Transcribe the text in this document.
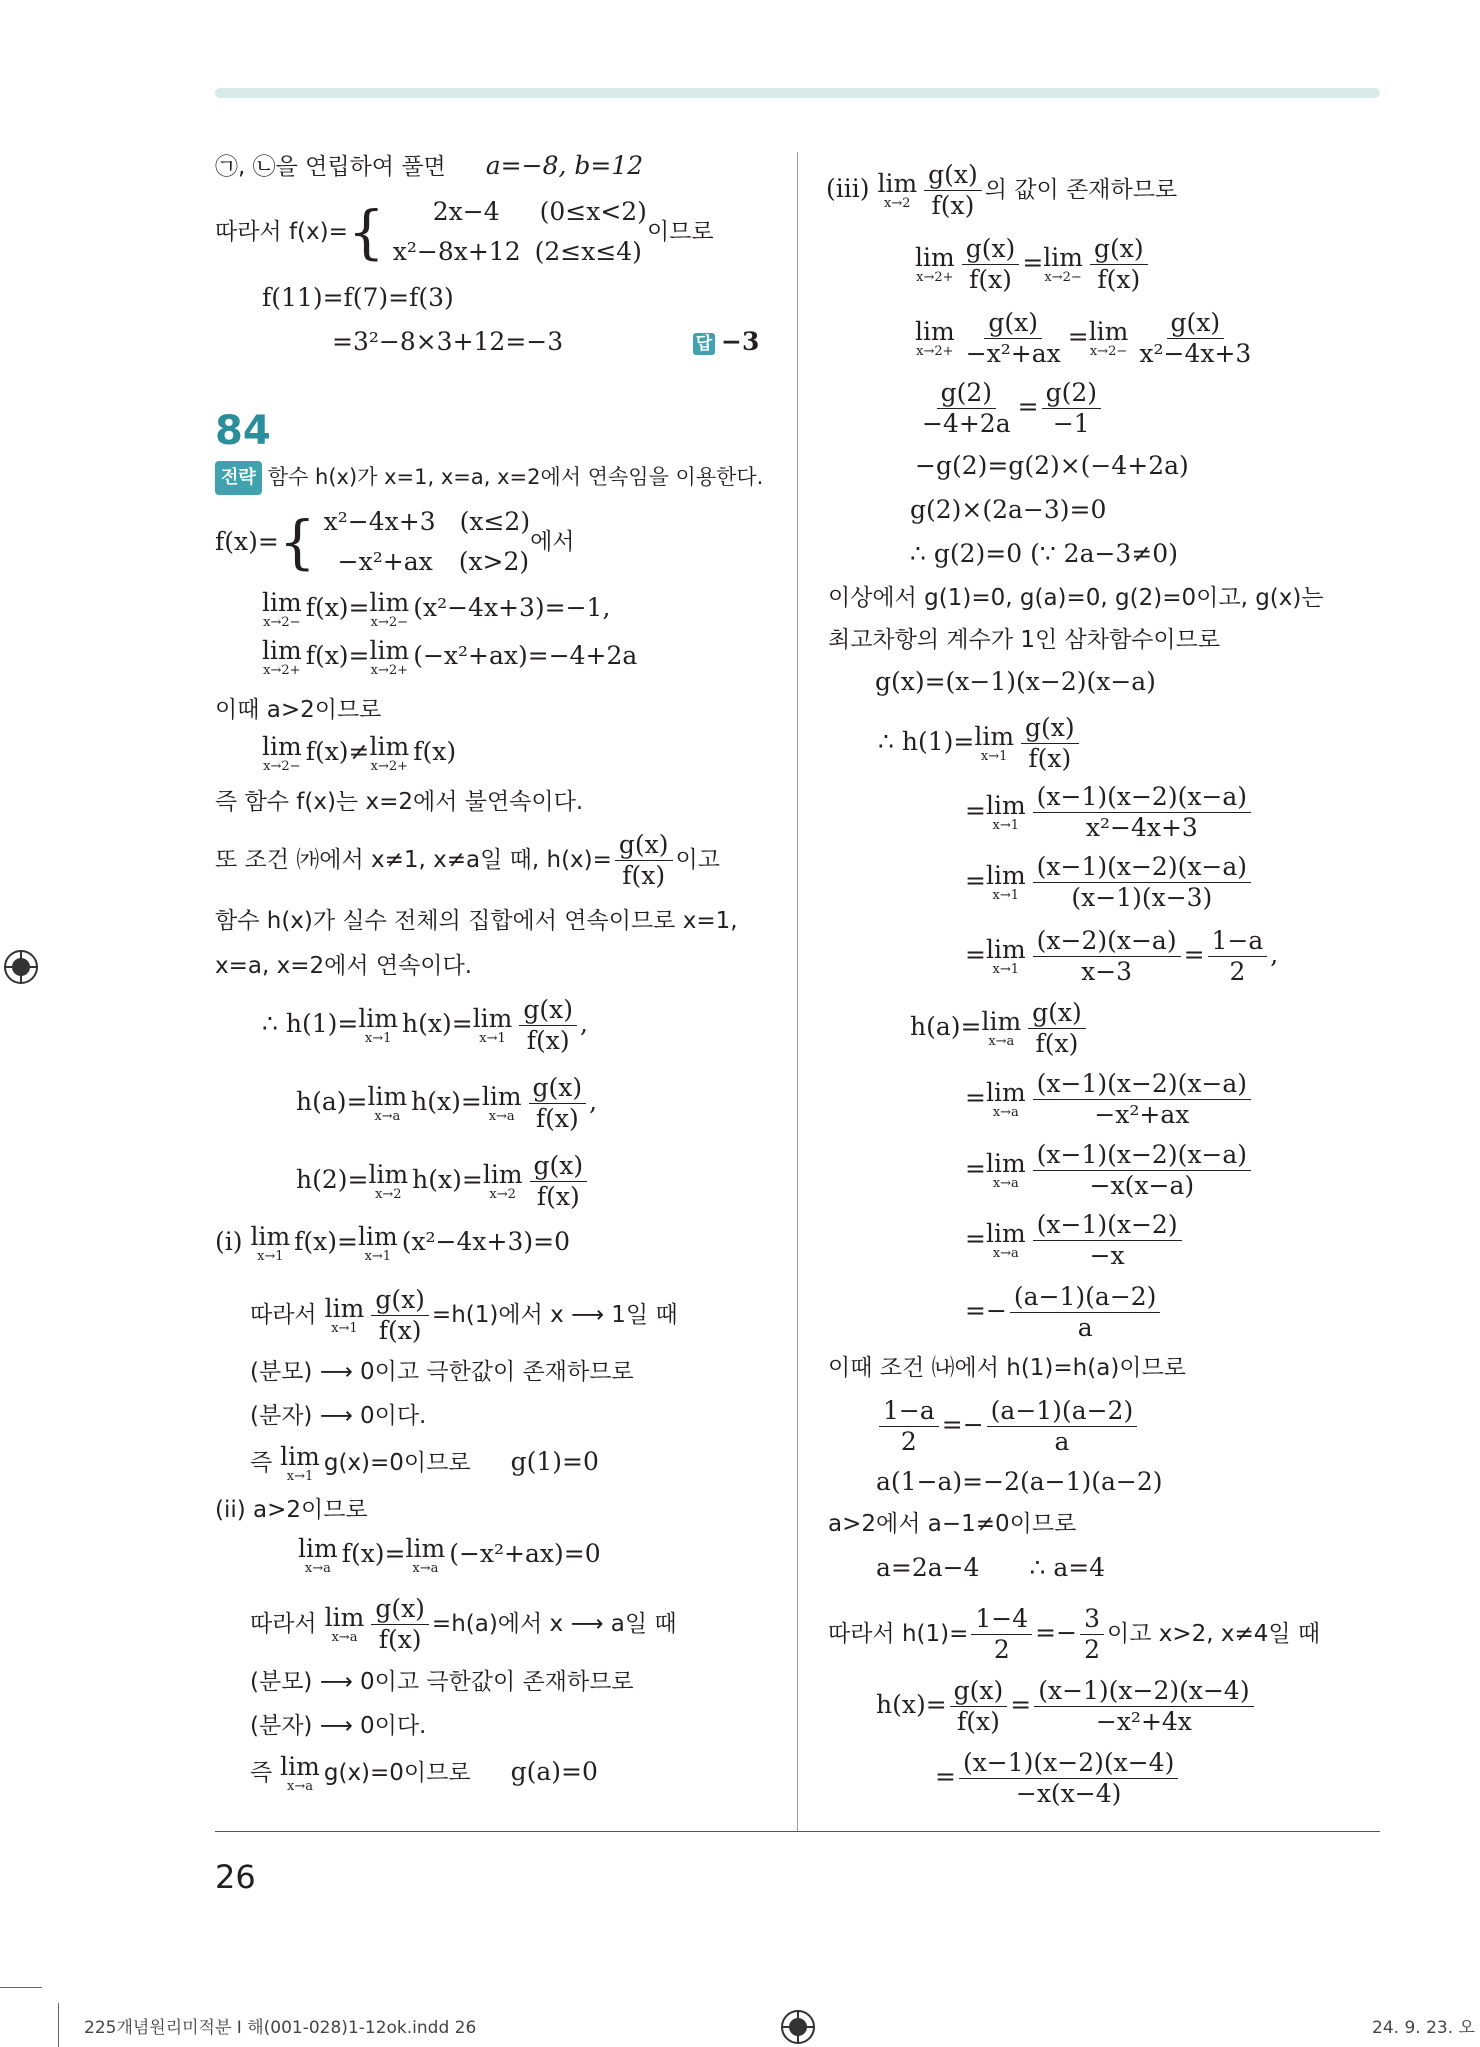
㉠, ㉡을 연립하여 풀면 a=−8, b=12
따라서 f(x)={	2x−4 (0≤x<2)
x²−8x+12 (2≤x≤4)
이므로
f(11)=f(7)=f(3)
=3²−8×3+12=−3	답 −3
84
전략 함수 h(x)가 x=1, x=a, x=2에서 연속임을 이용한다.
f(x)={ x²−4x+3 (x≤2)
−x²+ax (x>2)
에서
lim
x→2−
f(x)= lim
x→2−
(x²−4x+3)=−1,
lim
x→2+
f(x)= lim
x→2+
(−x²+ax)=−4+2a
이때 a>2이므로
lim
x→2−
f(x)≠ lim
x→2+
f(x)
즉 함수 f(x)는 x=2에서 불연속이다.
또 조건 ㈎에서 x≠1, x≠a일 때, $h(x)= \frac{g(x)}{f(x)}$ 이고
함수 h(x)가 실수 전체의 집합에서 연속이므로 x=1,
x=a, x=2에서 연속이다.
∴ h(1)= lim
x→1
h(x)= lim
$x\to 1 \frac{g(x)}{f(x)}$ ,
h(a)= lim
x→a
h(x)= lim
$x\to a \frac{g(x)}{f(x)}$ ,
h(2)= lim
x→2
h(x)= lim
$x\to 2 \frac{g(x)}{f(x)}$
(i) lim
x→1
f(x)= lim
x→1
(x²−4x+3)=0
따라서 lim
$x\to 1 \frac{g(x)}{f(x)} =h(1)$에서 x ⟶ 1일 때
(분모) ⟶ 0이고 극한값이 존재하므로
(분자) ⟶ 0이다.
즉 lim
x→1
g(x)=0이므로 g(1)=0
(ii) a>2이므로
lim
x→a
f(x)= lim
x→a
(−x²+ax)=0
따라서 lim
$x\to a \frac{g(x)}{f(x)} =h(a)$에서 x ⟶ a일 때
(분모) ⟶ 0이고 극한값이 존재하므로
(분자) ⟶ 0이다.
즉 lim
x→a
g(x)=0이므로 g(a)=0
(iii) lim
$x\to 2 \frac{g(x)}{f(x)}$ 의 값이 존재하므로
lim
$x\to 2+ \frac{g(x)}{f(x)} = \lim$
$x\to 2- \frac{g(x)}{f(x)}$
lim
$x\to 2+ \frac{g(x)}{\text{−x²+ax}} = \lim$
$x\to 2- \frac{g(x)}{\text{x²−4x+3}}$
$\frac{g(2)}{-4+2a} = \frac{g(2)}{-1}$
−g(2)=g(2)×(−4+2a)
g(2)×(2a−3)=0
∴ g(2)=0 (∵ 2a−3≠0)
이상에서 g(1)=0, g(a)=0, g(2)=0이고, g(x)는
최고차항의 계수가 1인 삼차함수이므로
g(x)=(x−1)(x−2)(x−a)
∴ h(1)= lim
$x\to 1 \frac{g(x)}{f(x)}$
= lim
$x\to 1 \frac{(x-1)(x-2)(x-a)}{\text{x²−4x+3}}$
= lim
$x\to 1 \frac{(x-1)(x-2)(x-a)}{(x-1)(x-3)}$
= lim
$x\to 1 \frac{(x-2)(x-a)}{x-3} = \frac{1-a}{2}$ ,
h(a)= lim
$x\to a \frac{g(x)}{f(x)}$
= lim
$x\to a \frac{(x-1)(x-2)(x-a)}{\text{−x²+ax}}$
= lim
$x\to a \frac{(x-1)(x-2)(x-a)}{-x(x-a)}$
= lim
$x\to a \frac{(x-1)(x-2)}{-x}$
=− $\frac{(a-1)(a-2)}{a}$
이때 조건 ㈏에서 h(1)=h(a)이므로
$\frac{1-a}{2} =- \frac{(a-1)(a-2)}{a}$
a(1−a)=−2(a−1)(a−2)
a>2에서 a−1≠0이므로
a=2a−4 ∴ a=4
따라서 $h(1)= \frac{1-4}{2} =- \frac{3}{2}$ 이고 x>2, x≠4일 때
$h(x)= \frac{g(x)}{f(x)} = \frac{(x-1)(x-2)(x-4)}{\text{−x²+4x}}$
= $\frac{(x-1)(x-2)(x-4)}{-x(x-4)}$
26
225개념원리미적분 I 해(001-028)1-12ok.indd 26	24. 9. 23. 오
